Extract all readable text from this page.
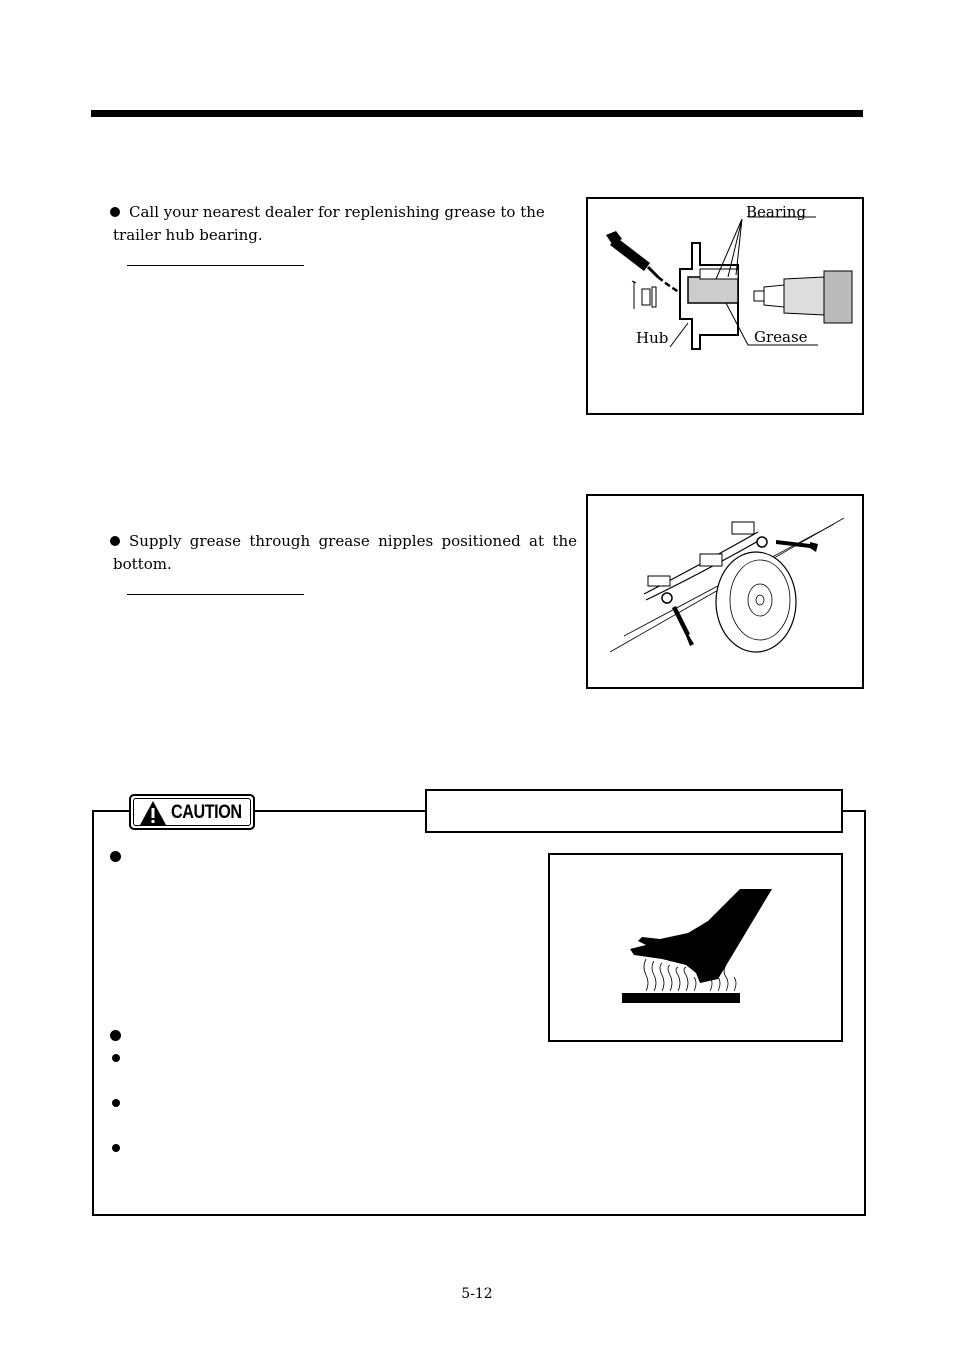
Call your nearest dealer for replenishing grease to the trailer hub bearing.
Bearing
Hub	Grease
Supply grease through grease nipples positioned at the bottom.
CAUTION
5-12
